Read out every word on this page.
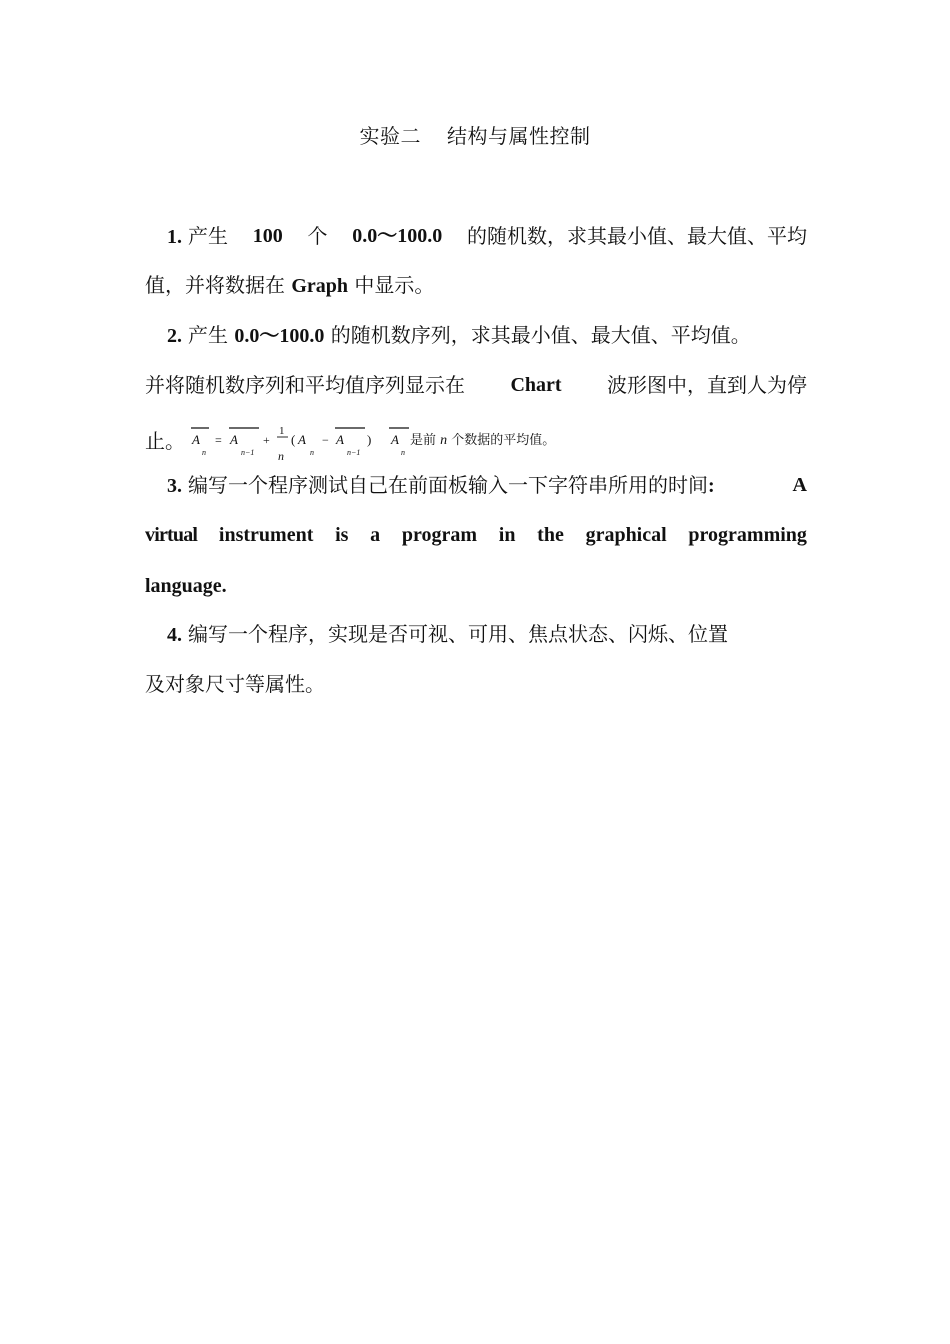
实验二 结构与属性控制
1. 产生 100 个 0.0～100.0 的随机数，求其最小值、最大值、平均
值，并将数据在 Graph 中显示。
2. 产生 0.0～100.0 的随机数序列，求其最小值、最大值、平均值。
并将随机数序列和平均值序列显示在 Chart 波形图中，直到人为停
止。 A
n
= A
n−1
+
1
n
( A
n
− A
n−1
) A
n
是前 n 个数据的平均值。
3. 编写一个程序测试自己在前面板输入一下字符串所用的时间:	A
virtual instrument is a program in the graphical programming
language.
4. 编写一个程序，实现是否可视、可用、焦点状态、闪烁、位置
及对象尺寸等属性。
